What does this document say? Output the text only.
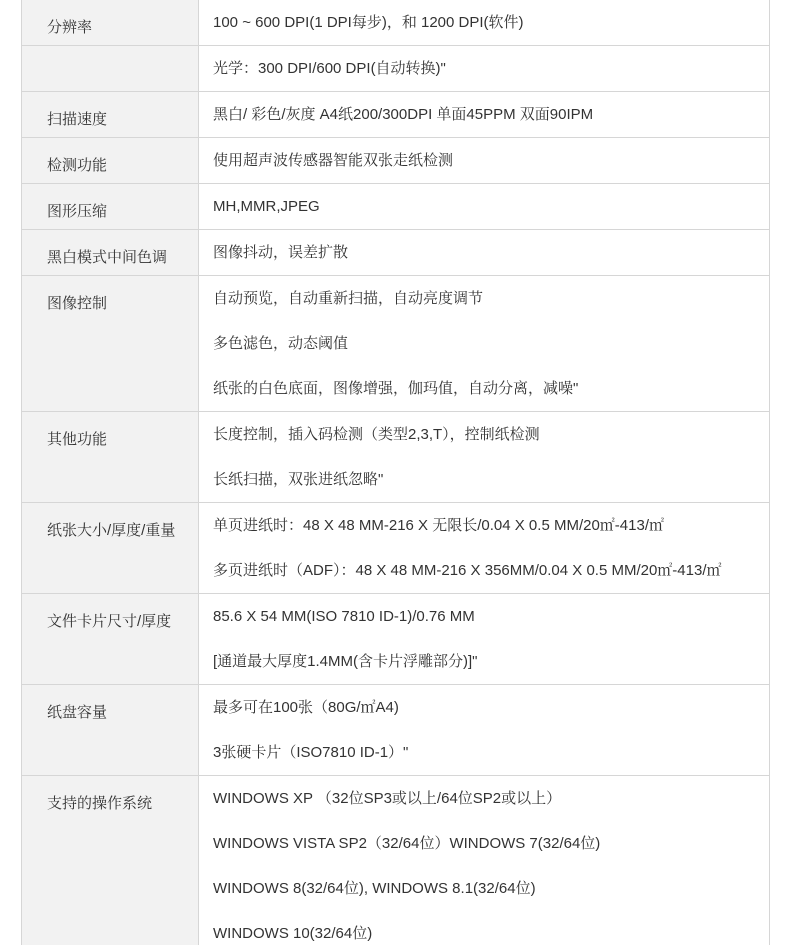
分辨率	100 ~ 600 DPI(1 DPI每步)，和 1200 DPI(软件)
光学：300 DPI/600 DPI(自动转换)"
扫描速度	黑白/ 彩色/灰度 A4纸200/300DPI 单面45PPM 双面90IPM
检测功能	使用超声波传感器智能双张走纸检测
图形压缩	MH,MMR,JPEG
黑白模式中间色调	图像抖动，误差扩散
图像控制	自动预览，自动重新扫描，自动亮度调节
多色滤色，动态阈值
纸张的白色底面，图像增强，伽玛值，自动分离，减噪"
其他功能	长度控制，插入码检测（类型2,3,T），控制纸检测
长纸扫描，双张进纸忽略"
纸张大小/厚度/重量	单页进纸时：48 X 48 MM-216 X 无限长/0.04 X 0.5 MM/20㎡-413/㎡
多页进纸时（ADF）：48 X 48 MM-216 X 356MM/0.04 X 0.5 MM/20㎡-413/㎡
文件卡片尺寸/厚度	85.6 X 54 MM(ISO 7810 ID-1)/0.76 MM
[通道最大厚度1.4MM(含卡片浮雕部分)]"
纸盘容量	最多可在100张（80G/㎡A4)
3张硬卡片（ISO7810 ID-1）"
支持的操作系统	WINDOWS XP （32位SP3或以上/64位SP2或以上）
WINDOWS VISTA SP2（32/64位）WINDOWS 7(32/64位)
WINDOWS 8(32/64位), WINDOWS 8.1(32/64位)
WINDOWS 10(32/64位)
